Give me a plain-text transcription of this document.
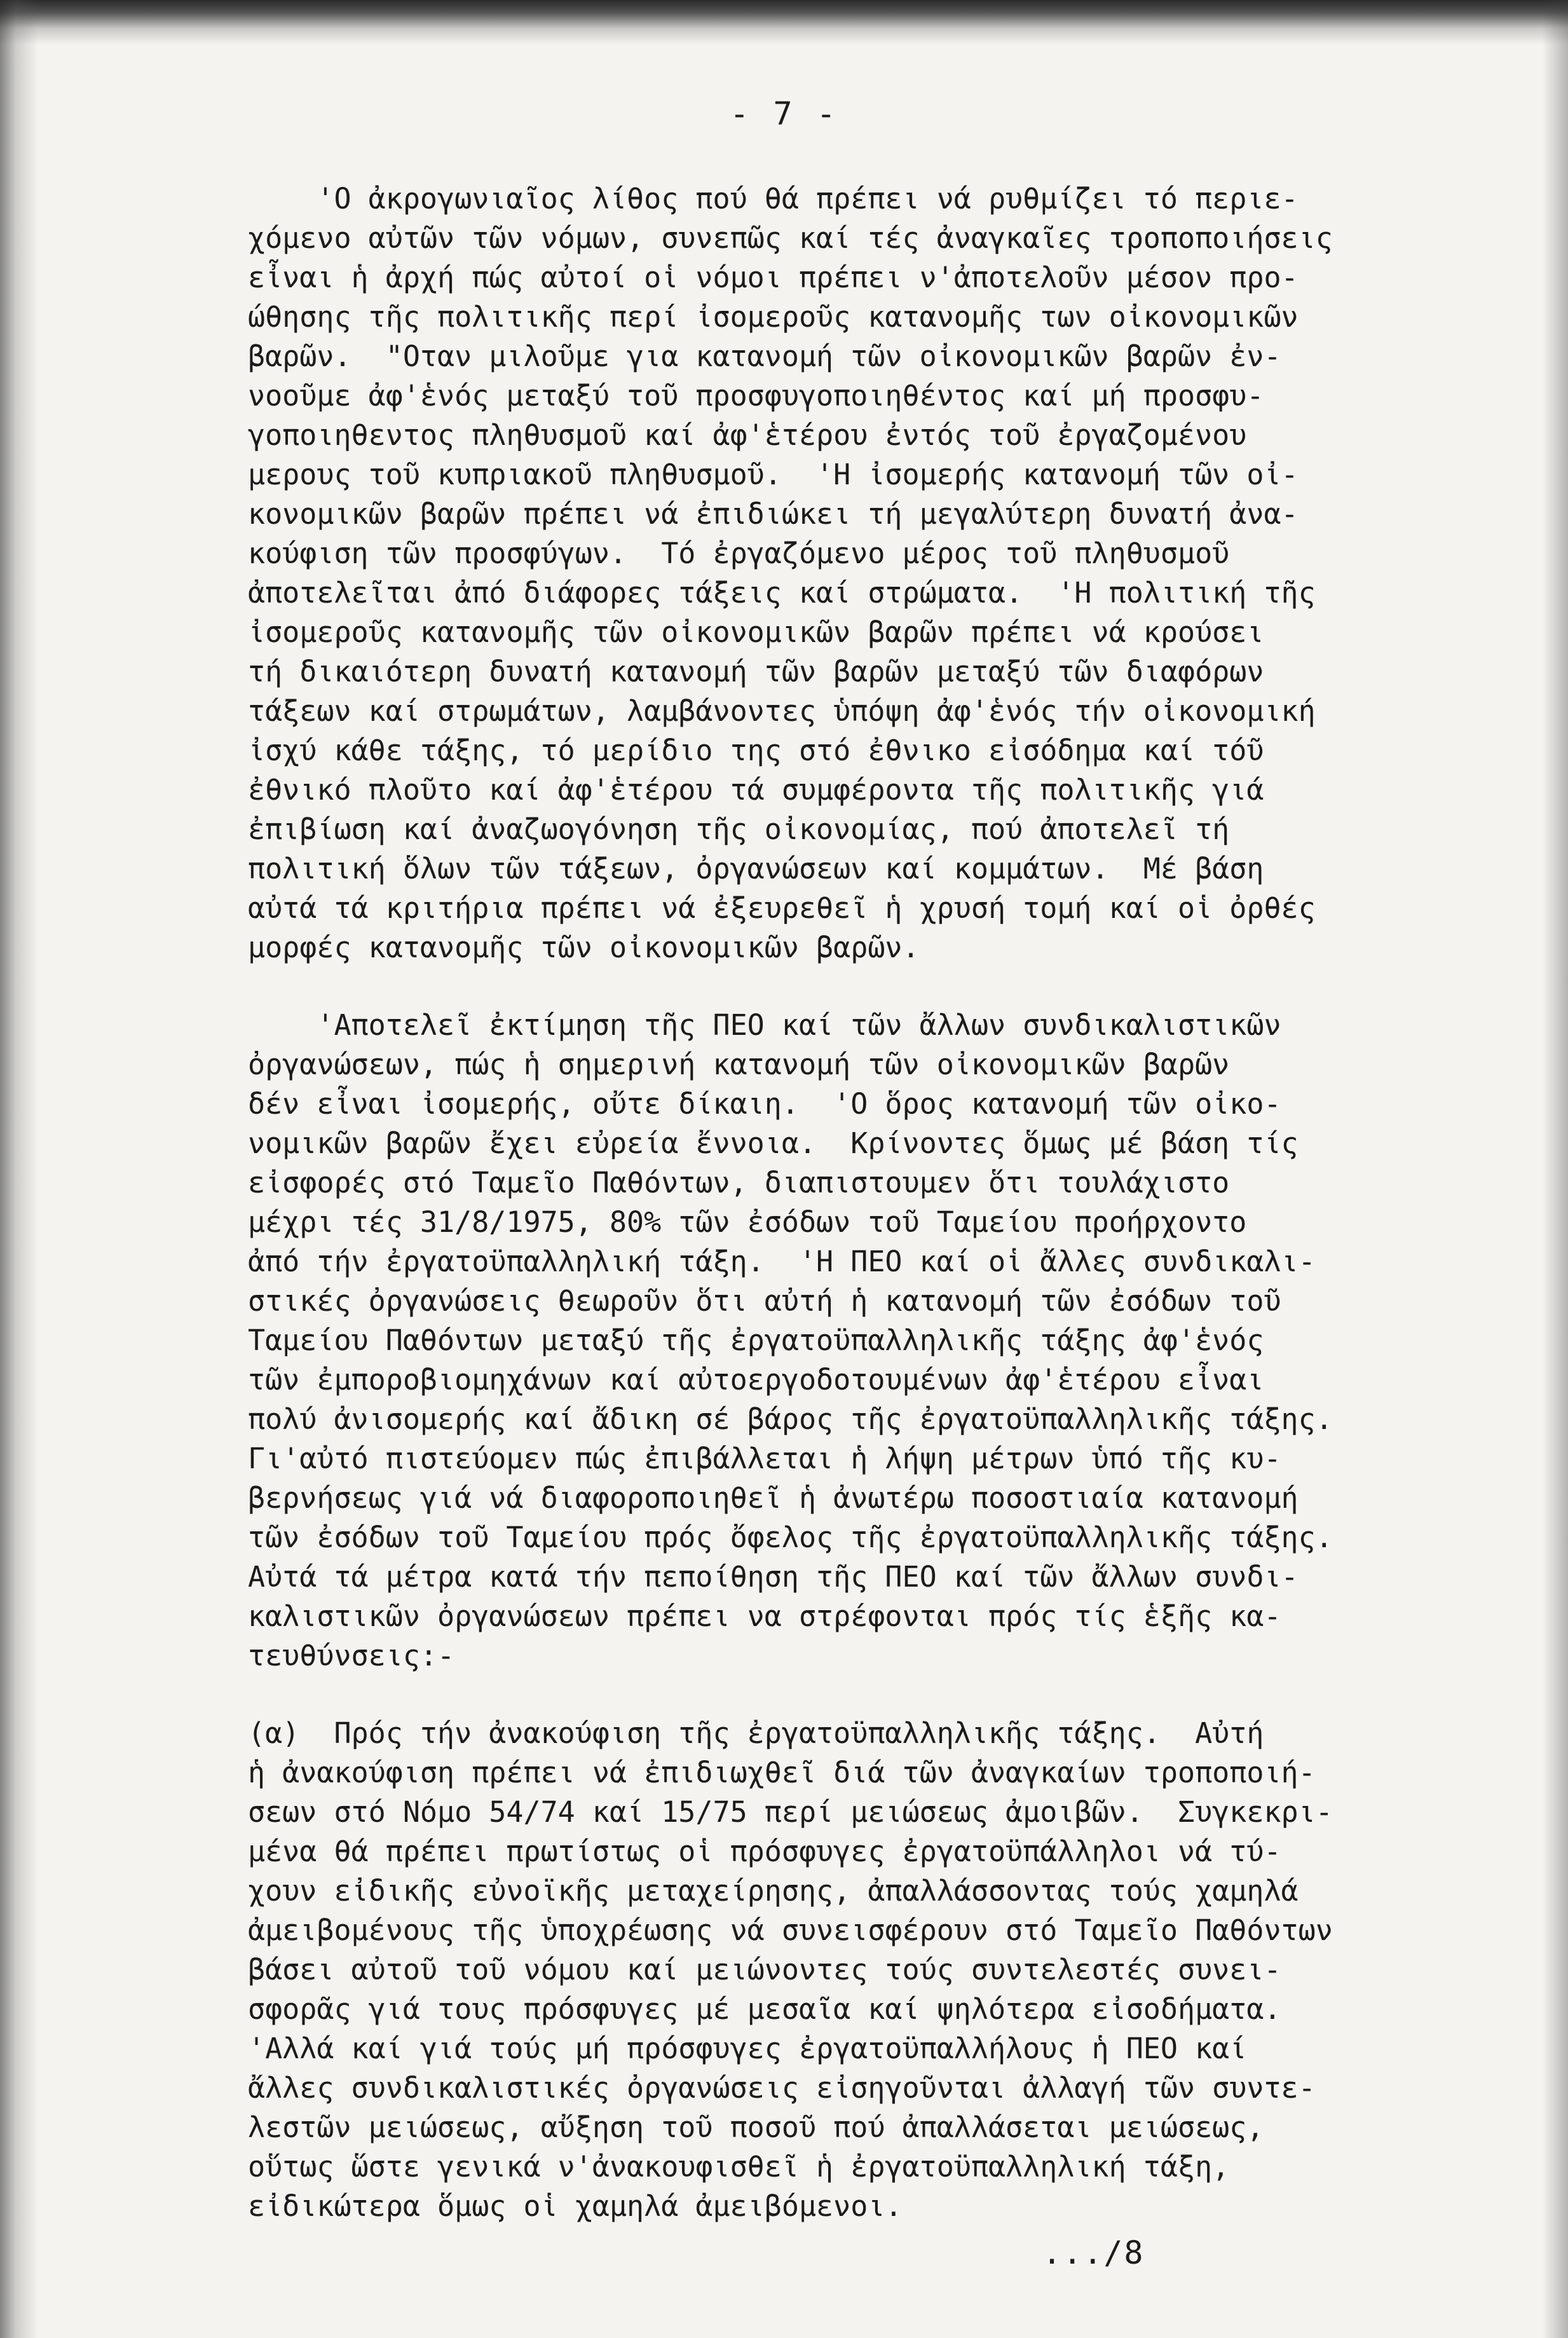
- 7 -
'Ο ἀκρογωνιαῖος λίθος πού θά πρέπει νά ρυθμίζει τό περιε-
χόμενο αὐτῶν τῶν νόμων, συνεπῶς καί τές ἀναγκαῖες τροποποιήσεις
εἶναι ἡ ἀρχή πώς αὐτοί οἱ νόμοι πρέπει ν'ἀποτελοῦν μέσον προ-
ώθησης τῆς πολιτικῆς περί ἰσομεροῦς κατανομῆς των οἰκονομικῶν
βαρῶν.  "Οταν μιλοῦμε για κατανομή τῶν οἰκονομικῶν βαρῶν ἐν-
νοοῦμε ἀφ'ἑνός μεταξύ τοῦ προσφυγοποιηθέντος καί μή προσφυ-
γοποιηθεντος πληθυσμοῦ καί ἀφ'ἑτέρου ἐντός τοῦ ἐργαζομένου
μερους τοῦ κυπριακοῦ πληθυσμοῦ.  'Η ἰσομερής κατανομή τῶν οἰ-
κονομικῶν βαρῶν πρέπει νά ἐπιδιώκει τή μεγαλύτερη δυνατή ἀνα-
κούφιση τῶν προσφύγων.  Τό ἐργαζόμενο μέρος τοῦ πληθυσμοῦ
ἀποτελεῖται ἀπό διάφορες τάξεις καί στρώματα.  'Η πολιτική τῆς
ἰσομεροῦς κατανομῆς τῶν οἰκονομικῶν βαρῶν πρέπει νά κρούσει
τή δικαιότερη δυνατή κατανομή τῶν βαρῶν μεταξύ τῶν διαφόρων
τάξεων καί στρωμάτων, λαμβάνοντες ὑπόψη ἀφ'ἑνός τήν οἰκονομική
ἰσχύ κάθε τάξης, τό μερίδιο της στό ἐθνικο εἰσόδημα καί τόῦ
ἐθνικό πλοῦτο καί ἀφ'ἑτέρου τά συμφέροντα τῆς πολιτικῆς γιά
ἐπιβίωση καί ἀναζωογόνηση τῆς οἰκονομίας, πού ἀποτελεῖ τή
πολιτική ὅλων τῶν τάξεων, ὀργανώσεων καί κομμάτων.  Μέ βάση
αὐτά τά κριτήρια πρέπει νά ἐξευρεθεῖ ἡ χρυσή τομή καί οἱ ὀρθές
μορφές κατανομῆς τῶν οἰκονομικῶν βαρῶν.
'Αποτελεῖ ἐκτίμηση τῆς ΠΕΟ καί τῶν ἄλλων συνδικαλιστικῶν
ὀργανώσεων, πώς ἡ σημερινή κατανομή τῶν οἰκονομικῶν βαρῶν
δέν εἶναι ἰσομερής, οὔτε δίκαιη.  'Ο ὅρος κατανομή τῶν οἰκο-
νομικῶν βαρῶν ἔχει εὐρεία ἔννοια.  Κρίνοντες ὅμως μέ βάση τίς
εἰσφορές στό Ταμεῖο Παθόντων, διαπιστουμεν ὅτι τουλάχιστο
μέχρι τές 31/8/1975, 80% τῶν ἐσόδων τοῦ Ταμείου προήρχοντο
ἀπό τήν ἐργατοϋπαλληλική τάξη.  'Η ΠΕΟ καί οἱ ἄλλες συνδικαλι-
στικές ὀργανώσεις θεωροῦν ὅτι αὐτή ἡ κατανομή τῶν ἐσόδων τοῦ
Ταμείου Παθόντων μεταξύ τῆς ἐργατοϋπαλληλικῆς τάξης ἀφ'ἑνός
τῶν ἐμποροβιομηχάνων καί αὐτοεργοδοτουμένων ἀφ'ἑτέρου εἶναι
πολύ ἀνισομερής καί ἄδικη σέ βάρος τῆς ἐργατοϋπαλληλικῆς τάξης.
Γι'αὐτό πιστεύομεν πώς ἐπιβάλλεται ἡ λήψη μέτρων ὑπό τῆς κυ-
βερνήσεως γιά νά διαφοροποιηθεῖ ἡ ἀνωτέρω ποσοστιαία κατανομή
τῶν ἐσόδων τοῦ Ταμείου πρός ὄφελος τῆς ἐργατοϋπαλληλικῆς τάξης.
Αὐτά τά μέτρα κατά τήν πεποίθηση τῆς ΠΕΟ καί τῶν ἄλλων συνδι-
καλιστικῶν ὀργανώσεων πρέπει να στρέφονται πρός τίς ἑξῆς κα-
τευθύνσεις:-
(α)  Πρός τήν ἀνακούφιση τῆς ἐργατοϋπαλληλικῆς τάξης.  Αὐτή
ἡ ἀνακούφιση πρέπει νά ἐπιδιωχθεῖ διά τῶν ἀναγκαίων τροποποιή-
σεων στό Νόμο 54/74 καί 15/75 περί μειώσεως ἀμοιβῶν.  Συγκεκρι-
μένα θά πρέπει πρωτίστως οἱ πρόσφυγες ἐργατοϋπάλληλοι νά τύ-
χουν εἰδικῆς εὐνοϊκῆς μεταχείρησης, ἀπαλλάσσοντας τούς χαμηλά
ἀμειβομένους τῆς ὑποχρέωσης νά συνεισφέρουν στό Ταμεῖο Παθόντων
βάσει αὐτοῦ τοῦ νόμου καί μειώνοντες τούς συντελεστές συνει-
σφορᾶς γιά τους πρόσφυγες μέ μεσαῖα καί ψηλότερα εἰσοδήματα.
'Αλλά καί γιά τούς μή πρόσφυγες ἐργατοϋπαλλήλους ἡ ΠΕΟ καί
ἄλλες συνδικαλιστικές ὀργανώσεις εἰσηγοῦνται ἀλλαγή τῶν συντε-
λεστῶν μειώσεως, αὔξηση τοῦ ποσοῦ πού ἀπαλλάσεται μειώσεως,
οὕτως ὥστε γενικά ν'ἀνακουφισθεῖ ἡ ἐργατοϋπαλληλική τάξη,
εἰδικώτερα ὅμως οἱ χαμηλά ἀμειβόμενοι.
.../8
